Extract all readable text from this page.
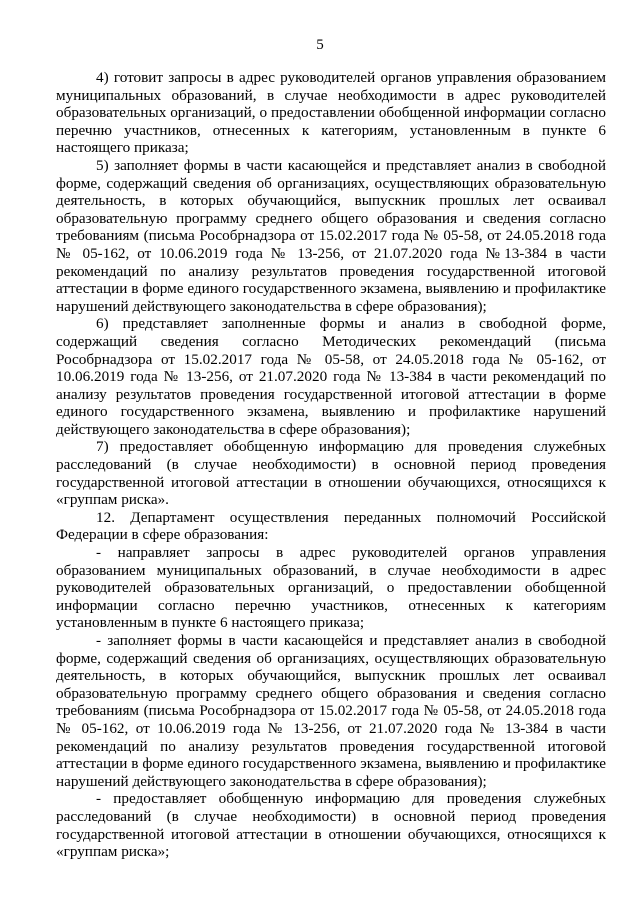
5

4) готовит запросы в адрес руководителей органов управления образованием муниципальных образований, в случае необходимости в адрес руководителей образовательных организаций, о предоставлении обобщенной информации согласно перечню участников, отнесенных к категориям, установленным в пункте 6 настоящего приказа;

5) заполняет формы в части касающейся и представляет анализ в свободной форме, содержащий сведения об организациях, осуществляющих образовательную деятельность, в которых обучающийся, выпускник прошлых лет осваивал образовательную программу среднего общего образования и сведения согласно требованиям (письма Рособрнадзора от 15.02.2017 года № 05-58, от 24.05.2018 года № 05-162, от 10.06.2019 года № 13-256, от 21.07.2020 года №13-384 в части рекомендаций по анализу результатов проведения государственной итоговой аттестации в форме единого государственного экзамена, выявлению и профилактике нарушений действующего законодательства в сфере образования);

6) представляет заполненные формы и анализ в свободной форме, содержащий сведения согласно Методических рекомендаций (письма Рособрнадзора от 15.02.2017 года № 05-58, от 24.05.2018 года № 05-162, от 10.06.2019 года № 13-256, от 21.07.2020 года № 13-384 в части рекомендаций по анализу результатов проведения государственной итоговой аттестации в форме единого государственного экзамена, выявлению и профилактике нарушений действующего законодательства в сфере образования);

7) предоставляет обобщенную информацию для проведения служебных расследований (в случае необходимости) в основной период проведения государственной итоговой аттестации в отношении обучающихся, относящихся к «группам риска».

12. Департамент осуществления переданных полномочий Российской Федерации в сфере образования:

- направляет запросы в адрес руководителей органов управления образованием муниципальных образований, в случае необходимости в адрес руководителей образовательных организаций, о предоставлении обобщенной информации согласно перечню участников, отнесенных к категориям установленным в пункте 6 настоящего приказа;

- заполняет формы в части касающейся и представляет анализ в свободной форме, содержащий сведения об организациях, осуществляющих образовательную деятельность, в которых обучающийся, выпускник прошлых лет осваивал образовательную программу среднего общего образования и сведения согласно требованиям (письма Рособрнадзора от 15.02.2017 года № 05-58, от 24.05.2018 года № 05-162, от 10.06.2019 года № 13-256, от 21.07.2020 года № 13-384 в части рекомендаций по анализу результатов проведения государственной итоговой аттестации в форме единого государственного экзамена, выявлению и профилактике нарушений действующего законодательства в сфере образования);

- предоставляет обобщенную информацию для проведения служебных расследований (в случае необходимости) в основной период проведения государственной итоговой аттестации в отношении обучающихся, относящихся к «группам риска»;
